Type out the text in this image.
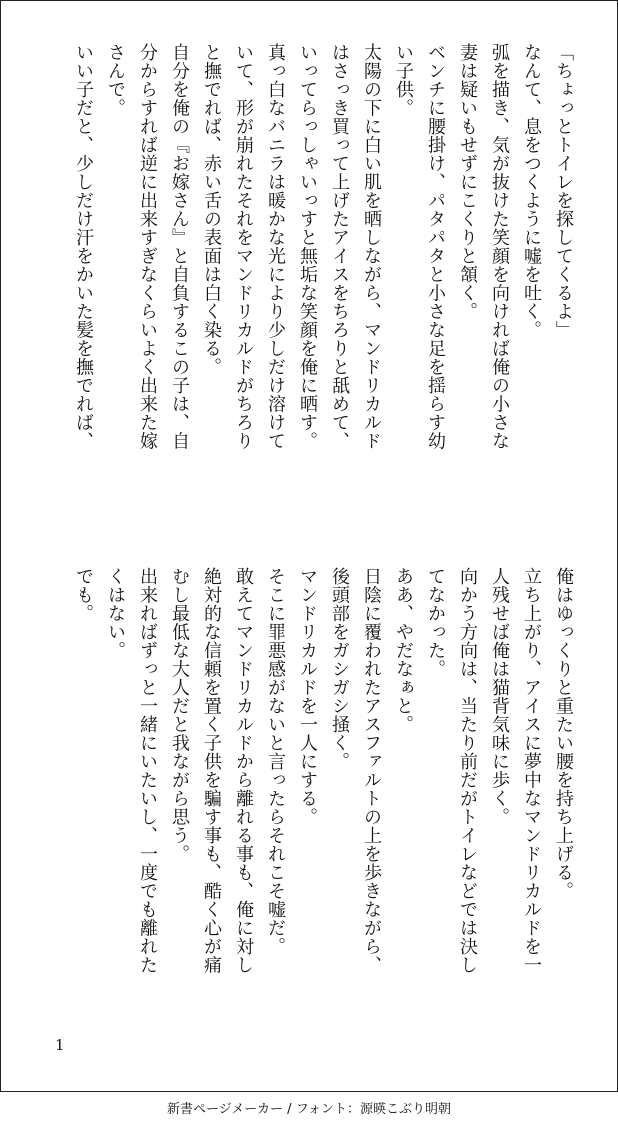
「ちょっとトイレを探してくるよ」
なんて、息をつくように嘘を吐く。
弧を描き、気が抜けた笑顔を向ければ俺の小さな
妻は疑いもせずにこくりと頷く。
ベンチに腰掛け、パタパタと小さな足を揺らす幼
い子供。
太陽の下に白い肌を晒しながら、マンドリカルド
はさっき買って上げたアイスをちろりと舐めて、
いってらっしゃいっすと無垢な笑顔を俺に晒す。
真っ白なバニラは暖かな光により少しだけ溶けて
いて、形が崩れたそれをマンドリカルドがちろり
と撫でれば、赤い舌の表面は白く染る。
自分を俺の『お嫁さん』と自負するこの子は、自
分からすれば逆に出来すぎなくらいよく出来た嫁
さんで。
いい子だと、少しだけ汗をかいた髪を撫でれば、
俺はゆっくりと重たい腰を持ち上げる。
立ち上がり、アイスに夢中なマンドリカルドを一
人残せば俺は猫背気味に歩く。
向かう方向は、当たり前だがトイレなどでは決し
てなかった。
ああ、やだなぁと。
日陰に覆われたアスファルトの上を歩きながら、
後頭部をガシガシ掻く。
マンドリカルドを一人にする。
そこに罪悪感がないと言ったらそれこそ嘘だ。
敢えてマンドリカルドから離れる事も、俺に対し
絶対的な信頼を置く子供を騙す事も、酷く心が痛
むし最低な大人だと我ながら思う。
出来ればずっと一緒にいたいし、一度でも離れた
くはない。
でも。
1
新書ページメーカー / フォント：源暎こぶり明朝
